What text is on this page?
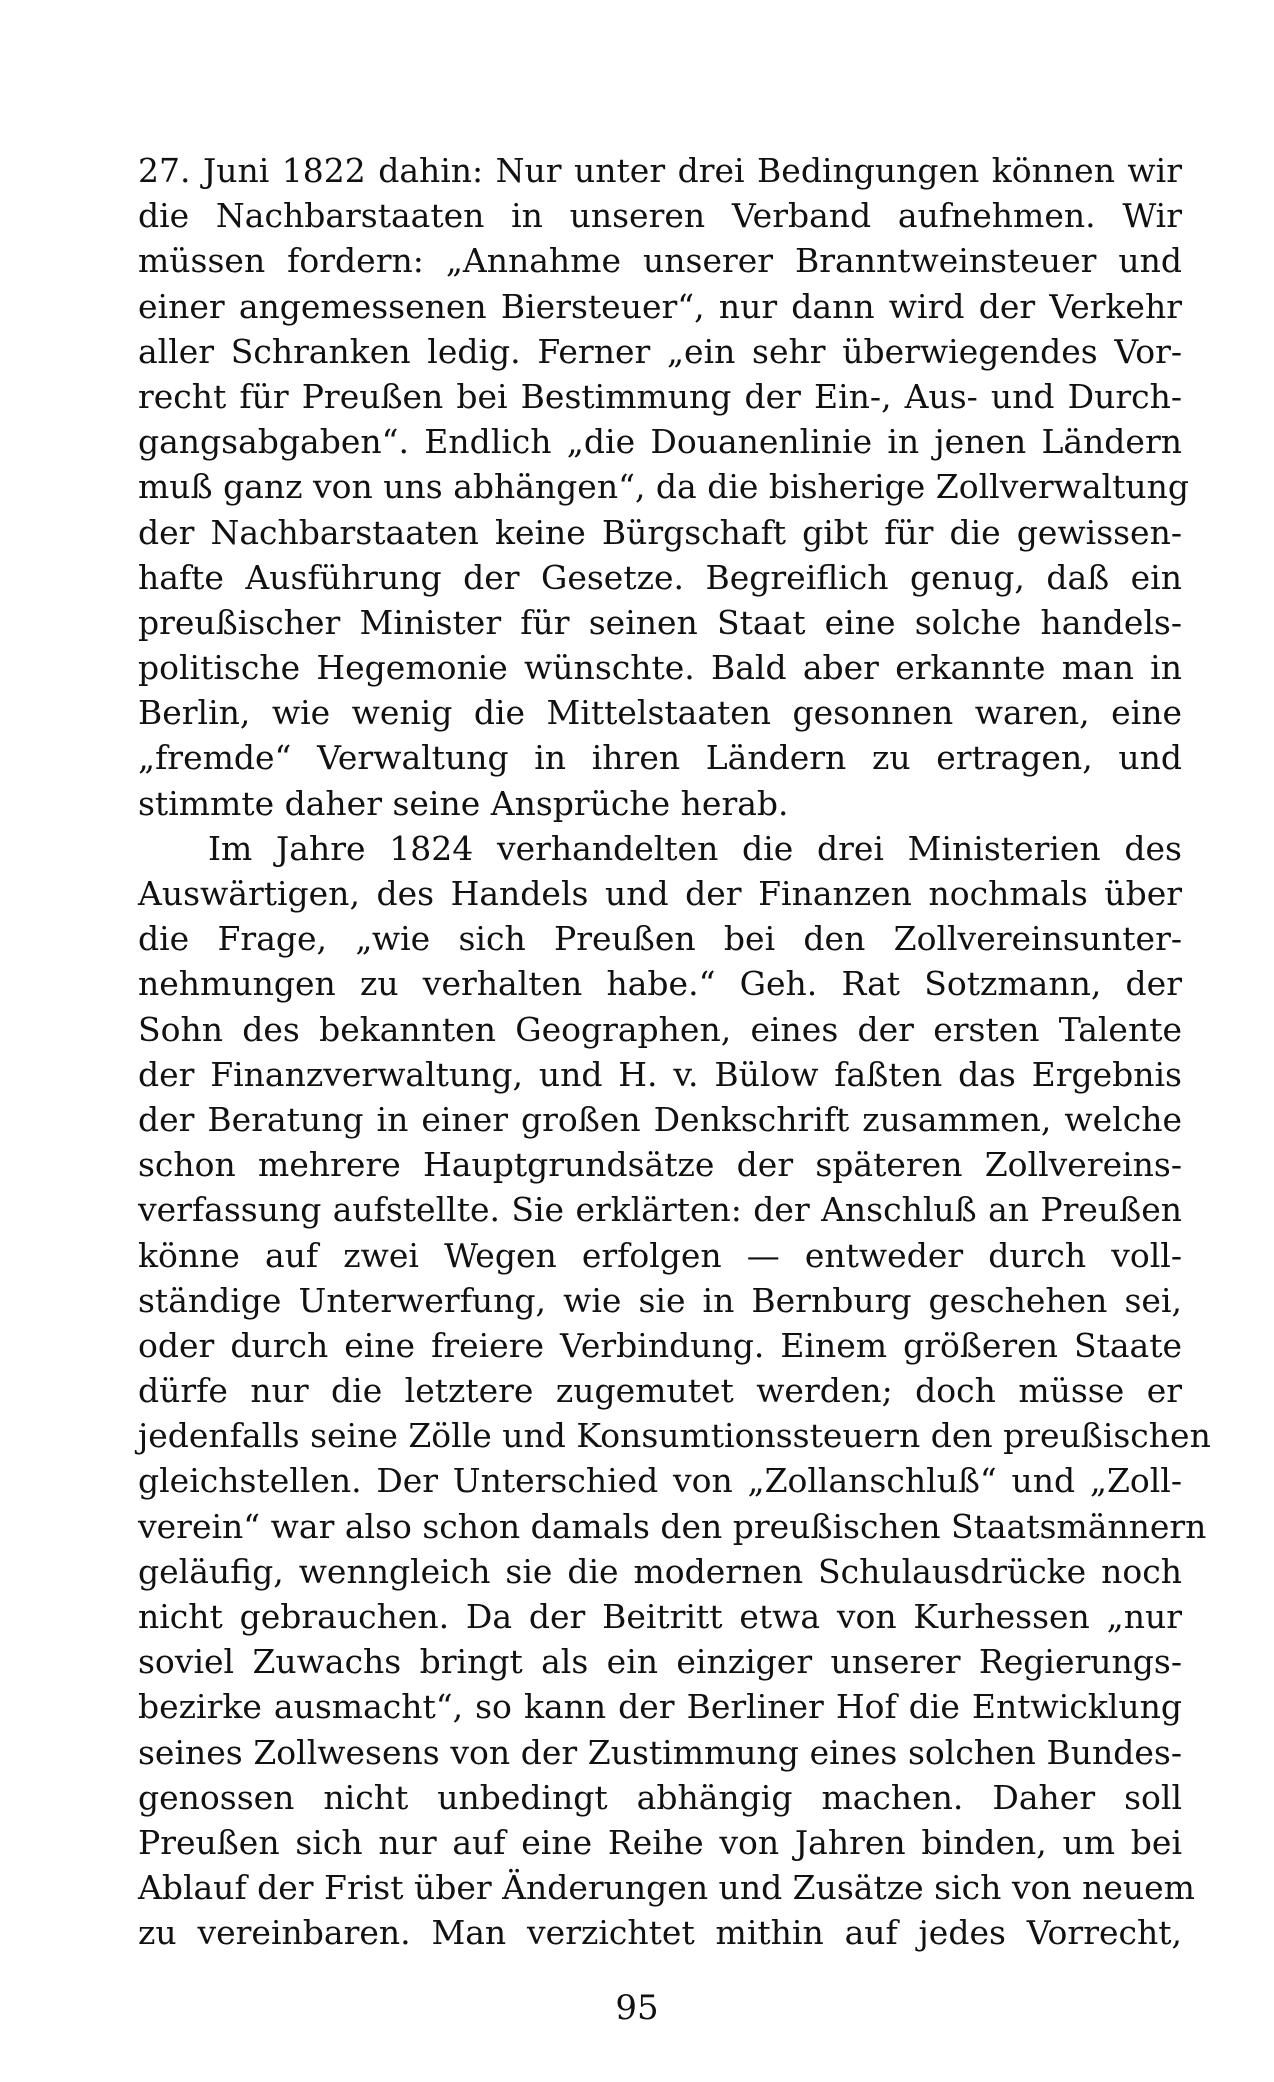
27. Juni 1822 dahin: Nur unter drei Bedingungen können wir
die Nachbarstaaten in unseren Verband aufnehmen. Wir
müssen fordern: „Annahme unserer Branntweinsteuer und
einer angemessenen Biersteuer“, nur dann wird der Verkehr
aller Schranken ledig. Ferner „ein sehr überwiegendes Vor-
recht für Preußen bei Bestimmung der Ein-, Aus- und Durch-
gangsabgaben“. Endlich „die Douanenlinie in jenen Ländern
muß ganz von uns abhängen“, da die bisherige Zollverwaltung
der Nachbarstaaten keine Bürgschaft gibt für die gewissen-
hafte Ausführung der Gesetze. Begreiflich genug, daß ein
preußischer Minister für seinen Staat eine solche handels-
politische Hegemonie wünschte. Bald aber erkannte man in
Berlin, wie wenig die Mittelstaaten gesonnen waren, eine
„fremde“ Verwaltung in ihren Ländern zu ertragen, und
stimmte daher seine Ansprüche herab.
Im Jahre 1824 verhandelten die drei Ministerien des
Auswärtigen, des Handels und der Finanzen nochmals über
die Frage, „wie sich Preußen bei den Zollvereinsunter-
nehmungen zu verhalten habe.“ Geh. Rat Sotzmann, der
Sohn des bekannten Geographen, eines der ersten Talente
der Finanzverwaltung, und H. v. Bülow faßten das Ergebnis
der Beratung in einer großen Denkschrift zusammen, welche
schon mehrere Hauptgrundsätze der späteren Zollvereins-
verfassung aufstellte. Sie erklärten: der Anschluß an Preußen
könne auf zwei Wegen erfolgen — entweder durch voll-
ständige Unterwerfung, wie sie in Bernburg geschehen sei,
oder durch eine freiere Verbindung. Einem größeren Staate
dürfe nur die letztere zugemutet werden; doch müsse er
jedenfalls seine Zölle und Konsumtionssteuern den preußischen
gleichstellen. Der Unterschied von „Zollanschluß“ und „Zoll-
verein“ war also schon damals den preußischen Staatsmännern
geläufig, wenngleich sie die modernen Schulausdrücke noch
nicht gebrauchen. Da der Beitritt etwa von Kurhessen „nur
soviel Zuwachs bringt als ein einziger unserer Regierungs-
bezirke ausmacht“, so kann der Berliner Hof die Entwicklung
seines Zollwesens von der Zustimmung eines solchen Bundes-
genossen nicht unbedingt abhängig machen. Daher soll
Preußen sich nur auf eine Reihe von Jahren binden, um bei
Ablauf der Frist über Änderungen und Zusätze sich von neuem
zu vereinbaren. Man verzichtet mithin auf jedes Vorrecht,
95
